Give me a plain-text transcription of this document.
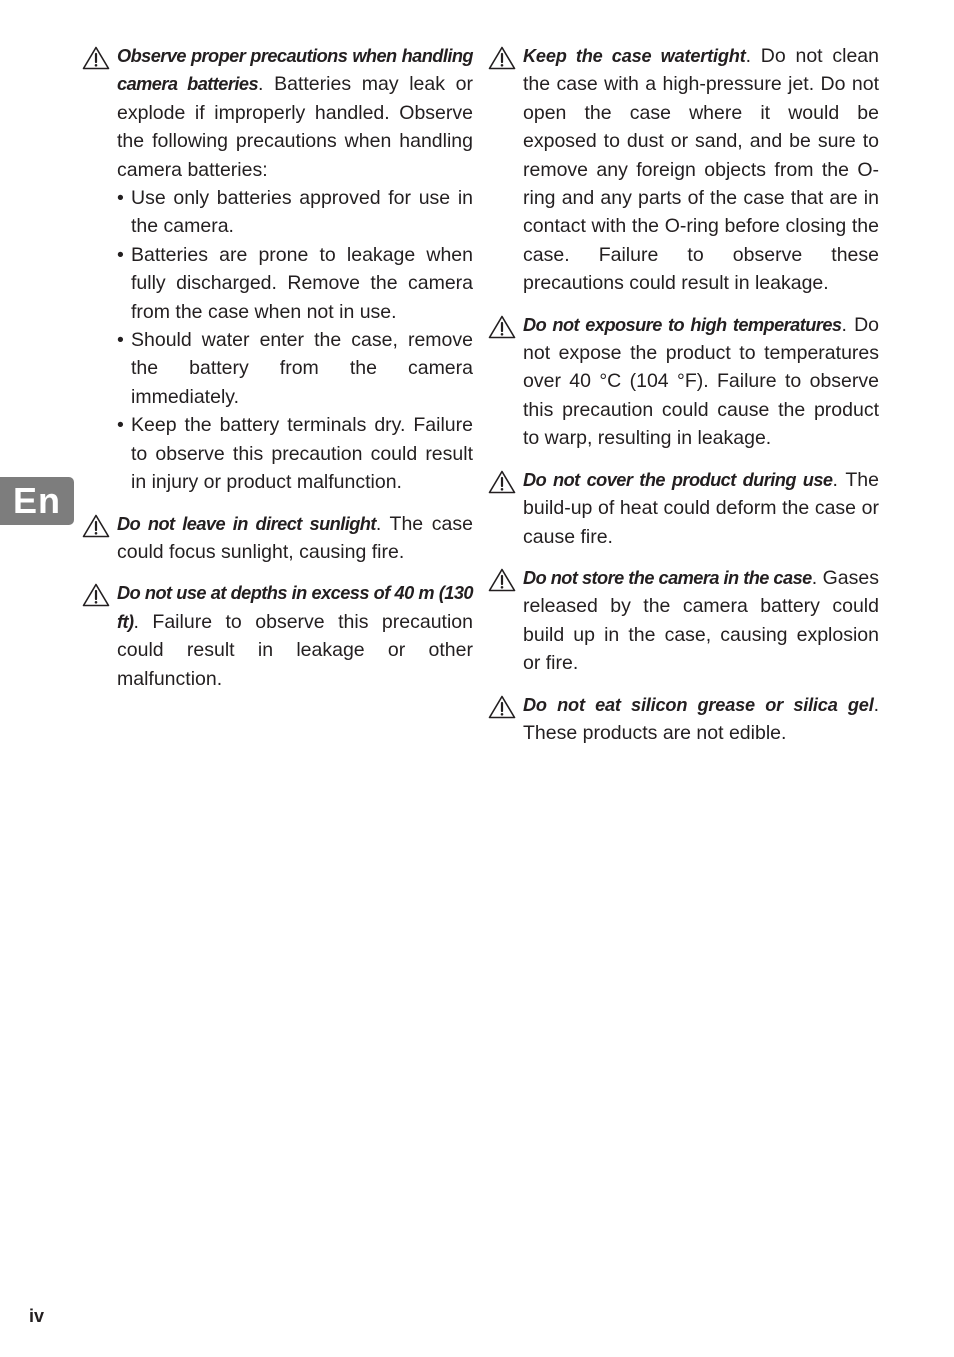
En

Observe proper precautions when handling camera batteries. Batteries may leak or explode if improperly handled. Observe the following precautions when handling camera batteries:

• Use only batteries approved for use in the camera.
• Batteries are prone to leakage when fully discharged. Remove the camera from the case when not in use.
• Should water enter the case, remove the battery from the camera immediately.
• Keep the battery terminals dry. Failure to observe this precaution could result in injury or product malfunction.

Do not leave in direct sunlight. The case could focus sunlight, causing fire.

Do not use at depths in excess of 40 m (130 ft). Failure to observe this precaution could result in leakage or other malfunction.

Keep the case watertight. Do not clean the case with a high-pressure jet. Do not open the case where it would be exposed to dust or sand, and be sure to remove any foreign objects from the O-ring and any parts of the case that are in contact with the O-ring before closing the case. Failure to observe these precautions could result in leakage.

Do not exposure to high temperatures. Do not expose the product to temperatures over 40 °C (104 °F). Failure to observe this precaution could cause the product to warp, resulting in leakage.

Do not cover the product during use. The build-up of heat could deform the case or cause fire.

Do not store the camera in the case. Gases released by the camera battery could build up in the case, causing explosion or fire.

Do not eat silicon grease or silica gel. These products are not edible.

iv
